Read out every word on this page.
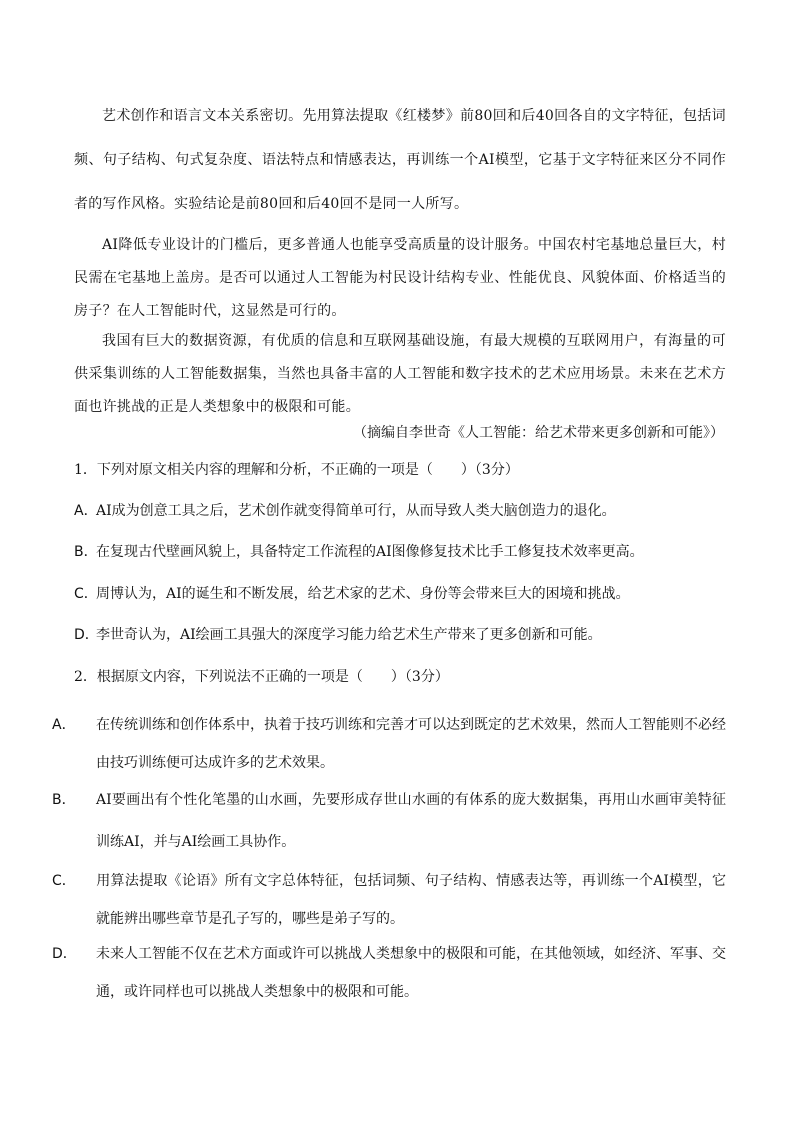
艺术创作和语言文本关系密切。先用算法提取《红楼梦》前80回和后40回各自的文字特征，包括词频、句子结构、句式复杂度、语法特点和情感表达，再训练一个AI模型，它基于文字特征来区分不同作者的写作风格。实验结论是前80回和后40回不是同一人所写。

AI降低专业设计的门槛后，更多普通人也能享受高质量的设计服务。中国农村宅基地总量巨大，村民需在宅基地上盖房。是否可以通过人工智能为村民设计结构专业、性能优良、风貌体面、价格适当的房子？在人工智能时代，这显然是可行的。

我国有巨大的数据资源，有优质的信息和互联网基础设施，有最大规模的互联网用户，有海量的可供采集训练的人工智能数据集，当然也具备丰富的人工智能和数字技术的艺术应用场景。未来在艺术方面也许挑战的正是人类想象中的极限和可能。

（摘编自李世奇《人工智能：给艺术带来更多创新和可能》）
1．下列对原文相关内容的理解和分析，不正确的一项是（　　）（3分）
A．AI成为创意工具之后，艺术创作就变得简单可行，从而导致人类大脑创造力的退化。
B．在复现古代壁画风貌上，具备特定工作流程的AI图像修复技术比手工修复技术效率更高。
C．周博认为，AI的诞生和不断发展，给艺术家的艺术、身份等会带来巨大的困境和挑战。
D．李世奇认为，AI绘画工具强大的深度学习能力给艺术生产带来了更多创新和可能。
2．根据原文内容，下列说法不正确的一项是（　　）（3分）
A． 在传统训练和创作体系中，执着于技巧训练和完善才可以达到既定的艺术效果，然而人工智能则不必经由技巧训练便可达成许多的艺术效果。
B． AI要画出有个性化笔墨的山水画，先要形成存世山水画的有体系的庞大数据集，再用山水画审美特征训练AI，并与AI绘画工具协作。
C． 用算法提取《论语》所有文字总体特征，包括词频、句子结构、情感表达等，再训练一个AI模型，它就能辨出哪些章节是孔子写的，哪些是弟子写的。
D． 未来人工智能不仅在艺术方面或许可以挑战人类想象中的极限和可能，在其他领域，如经济、军事、交通，或许同样也可以挑战人类想象中的极限和可能。
